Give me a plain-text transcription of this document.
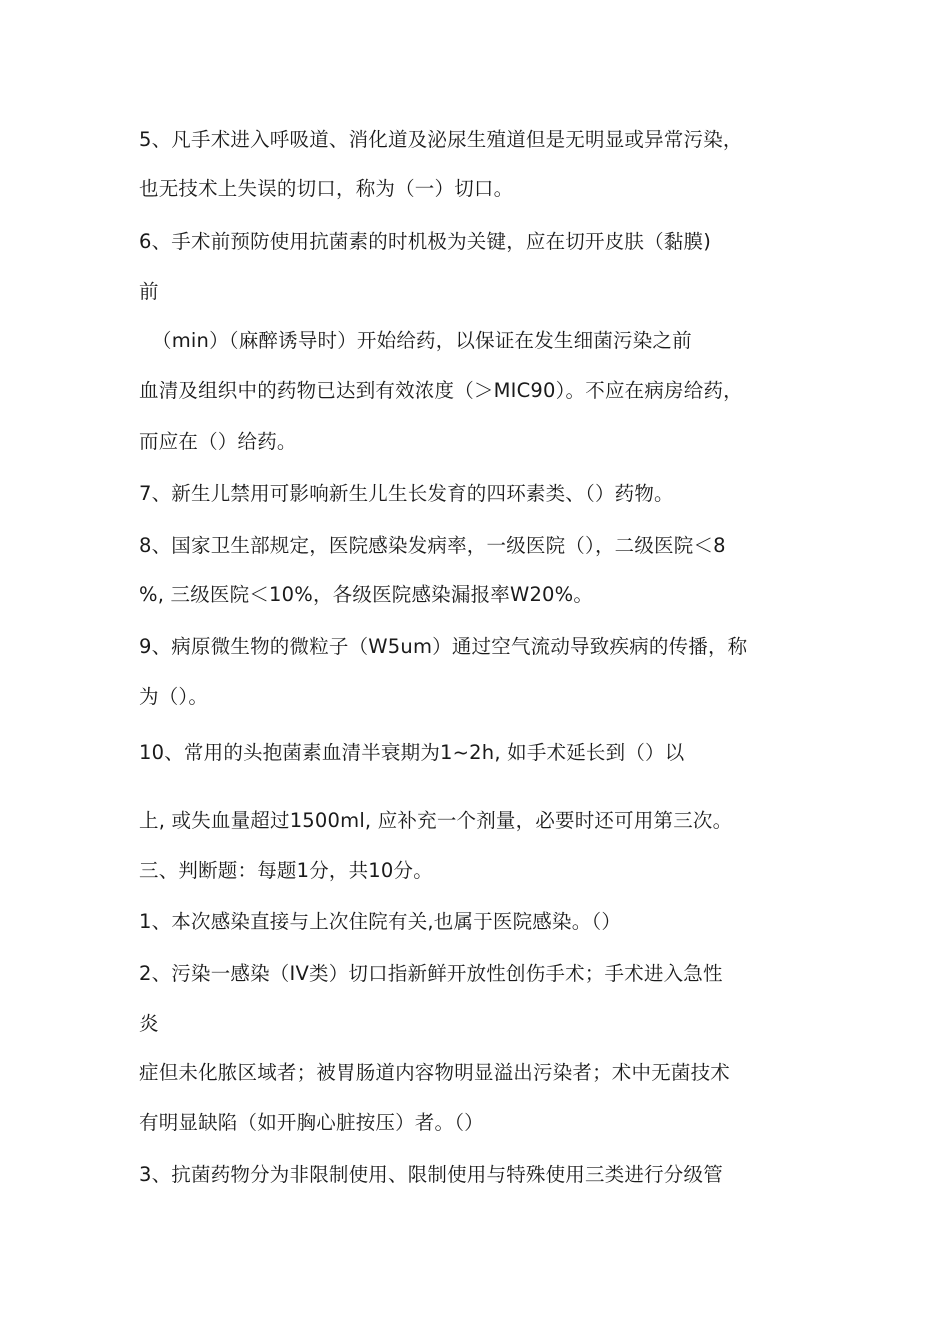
5、凡手术进入呼吸道、消化道及泌尿生殖道但是无明显或异常污染，
也无技术上失误的切口，称为（一）切口。
6、手术前预防使用抗菌素的时机极为关键，应在切开皮肤（黏膜)
前
（min）（麻醉诱导时）开始给药，以保证在发生细菌污染之前
血清及组织中的药物已达到有效浓度（＞MIC90）。不应在病房给药，
而应在（）给药。
7、新生儿禁用可影响新生儿生长发育的四环素类、（）药物。
8、国家卫生部规定，医院感染发病率，一级医院（），二级医院＜8
%, 三级医院＜10%，各级医院感染漏报率W20%。
9、病原微生物的微粒子（W5um）通过空气流动导致疾病的传播，称
为（）。
10、常用的头抱菌素血清半衰期为1~2h, 如手术延长到（）以
上, 或失血量超过1500ml, 应补充一个剂量，必要时还可用第三次。
三、判断题：每题1分，共10分。
1、本次感染直接与上次住院有关,也属于医院感染。（）
2、污染一感染（IV类）切口指新鲜开放性创伤手术；手术进入急性
炎
症但未化脓区域者；被胃肠道内容物明显溢出污染者；术中无菌技术
有明显缺陷（如开胸心脏按压）者。（）
3、抗菌药物分为非限制使用、限制使用与特殊使用三类进行分级管
